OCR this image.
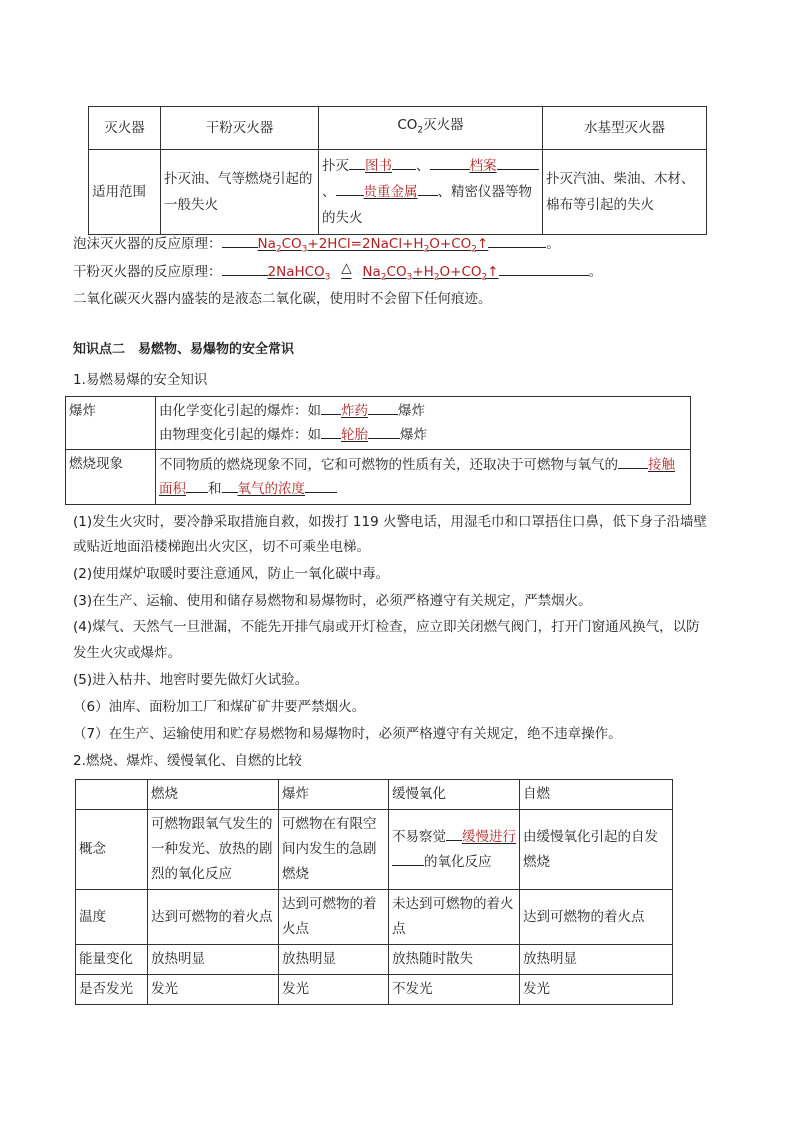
灭火器	干粉灭火器	$CO_2$灭火器	水基型灭火器
适用范围	扑灭油、气等燃烧引起的一般失火	扑灭 图书 、 档案、 贵重金属 、精密仪器等物的失火	扑灭汽油、柴油、木材、棉布等引起的失火
泡沫灭火器的反应原理：	$Na_2CO_3+2HCl=2NaCl+H_2O+CO_2↑$	。
干粉灭火器的反应原理：	2NaHCO$_3$△ $Na_2CO_3+H_2O+CO_2↑$	。
二氧化碳灭火器内盛装的是液态二氧化碳，使用时不会留下任何痕迹。
知识点二　易燃物、易爆物的安全常识
1.易燃易爆的安全知识
爆炸	由化学变化引起的爆炸：如 炸药 爆炸
由物理变化引起的爆炸：如 轮胎 爆炸

燃烧现象	不同物质的燃烧现象不同，它和可燃物的性质有关，还取决于可燃物与氧气的 接触面积 和 氧气的浓度
(1)发生火灾时，要冷静采取措施自救，如拨打 119 火警电话，用湿毛巾和口罩捂住口鼻，低下身子沿墙壁
或贴近地面沿楼梯跑出火灾区，切不可乘坐电梯。
(2)使用煤炉取暖时要注意通风，防止一氧化碳中毒。
(3)在生产、运输、使用和储存易燃物和易爆物时，必须严格遵守有关规定，严禁烟火。
(4)煤气、天然气一旦泄漏，不能先开排气扇或开灯检查，应立即关闭燃气阀门，打开门窗通风换气，以防
发生火灾或爆炸。
(5)进入枯井、地窖时要先做灯火试验。
（6）油库、面粉加工厂和煤矿矿井要严禁烟火。
（7）在生产、运输使用和贮存易燃物和易爆物时，必须严格遵守有关规定，绝不违章操作。
2.燃烧、爆炸、缓慢氧化、自燃的比较
	燃烧	爆炸	缓慢氧化	自燃
概念	可燃物跟氧气发生的一种发光、放热的剧烈的氧化反应	可燃物在有限空间内发生的急剧燃烧	不易察觉 缓慢进行的氧化反应	由缓慢氧化引起的自发燃烧
温度	达到可燃物的着火点	达到可燃物的着火点	未达到可燃物的着火点	达到可燃物的着火点
能量变化	放热明显	放热明显	放热随时散失	放热明显
是否发光	发光	发光	不发光	发光
